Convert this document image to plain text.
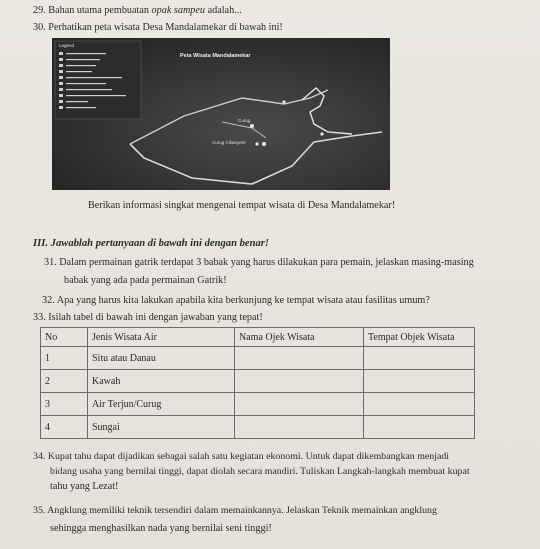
29. Bahan utama pembuatan opak sampeu adalah...
30. Perhatikan peta wisata Desa Mandalamekar di bawah ini!
Legend
Peta Wisata Mandalamekar
Curug
Curug Cikanyere
Berikan informasi singkat mengenai tempat wisata di Desa Mandalamekar!
III. Jawablah pertanyaan di bawah ini dengan benar!
31. Dalam permainan gatrik terdapat 3 babak yang harus dilakukan para pemain, jelaskan masing-masing
babak yang ada pada permainan Gatrik!
32. Apa yang harus kita lakukan apabila kita berkunjung ke tempat wisata atau fasilitas umum?
33. Isilah tabel di bawah ini dengan jawaban yang tepat!
No	Jenis Wisata Air	Nama Ojek Wisata	Tempat Objek Wisata
1	Situ atau Danau		
2	Kawah		
3	Air Terjun/Curug		
4	Sungai		
34. Kupat tahu dapat dijadikan sebagai salah satu kegiatan ekonomi. Untuk dapat dikembangkan menjadi
bidang usaha yang bernilai tinggi, dapat diolah secara mandiri. Tuliskan Langkah-langkah membuat kupat
tahu yang Lezat!
35. Angklung memiliki teknik tersendiri dalam memainkannya. Jelaskan Teknik memainkan angklung
sehingga menghasilkan nada yang bernilai seni tinggi!
